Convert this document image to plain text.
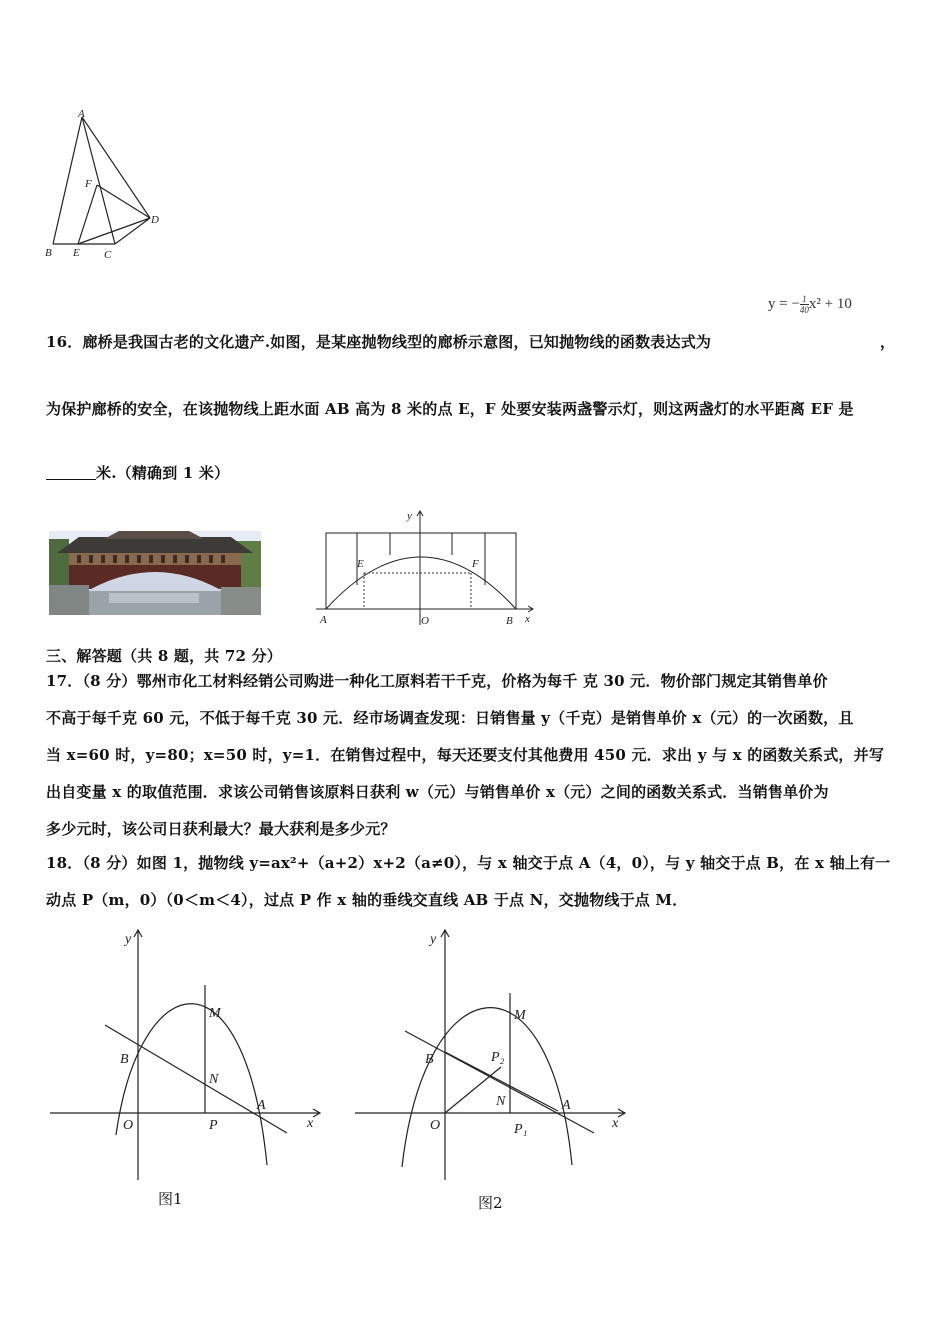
A
F
D
B E C
y = − $\frac{1}{40} x^2 + 10$
16．廊桥是我国古老的文化遗产.如图，是某座抛物线型的廊桥示意图，已知抛物线的函数表达式为	，
为保护廊桥的安全，在该抛物线上距水面 AB 高为 8 米的点 E，F 处要安装两盏警示灯，则这两盏灯的水平距离 EF 是
米.（精确到 1 米）
y
x
A	O	B
E	F
三、解答题（共 8 题，共 72 分）
17．（8 分）鄂州市化工材料经销公司购进一种化工原料若干千克，价格为每千 克 30 元．物价部门规定其销售单价
不高于每千克 60 元，不低于每千克 30 元．经市场调查发现：日销售量 y（千克）是销售单价 x（元）的一次函数，且
当 x=60 时，y=80；x=50 时，y=1．在销售过程中，每天还要支付其他费用 450 元．求出 y 与 x 的函数关系式，并写
出自变量 x 的取值范围．求该公司销售该原料日获利 w（元）与销售单价 x（元）之间的函数关系式．当销售单价为
多少元时，该公司日获利最大？最大获利是多少元？
18．（8 分）如图 1，抛物线 y=ax²+（a+2）x+2（a≠0），与 x 轴交于点 A（4，0），与 y 轴交于点 B，在 x 轴上有一
动点 P（m，0）（0＜m＜4），过点 P 作 x 轴的垂线交直线 AB 于点 N，交抛物线于点 M．
y
x
M
B
N
A
O	P
图1
y
x
M
B	P₂
N	A
O	P₁
图2
